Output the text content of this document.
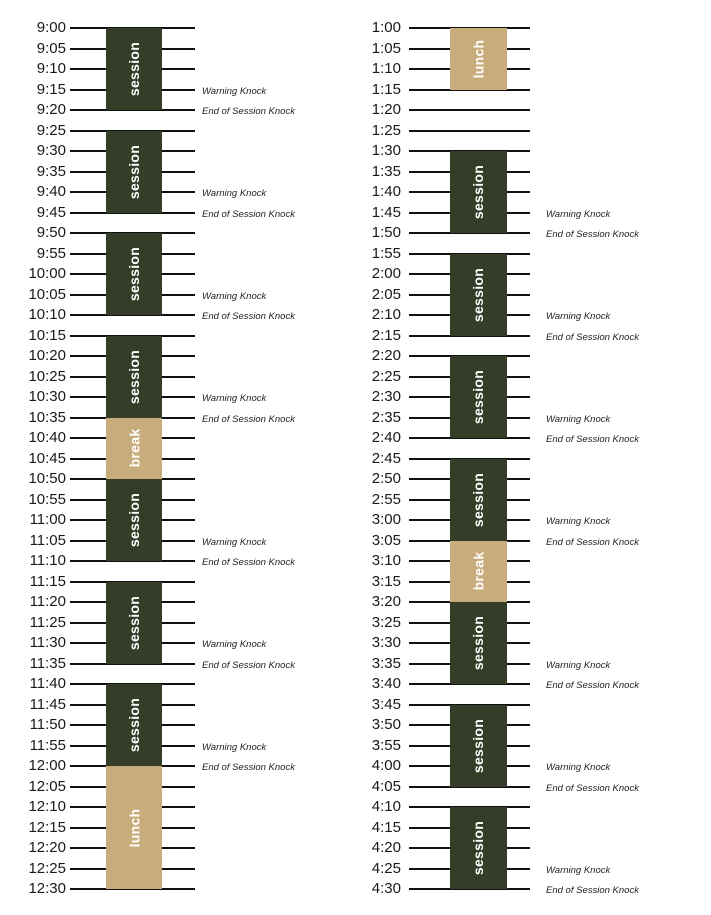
9:00
9:05
9:10
9:15
9:20
9:25
9:30
9:35
9:40
9:45
9:50
9:55
10:00
10:05
10:10
10:15
10:20
10:25
10:30
10:35
10:40
10:45
10:50
10:55
11:00
11:05
11:10
11:15
11:20
11:25
11:30
11:35
11:40
11:45
11:50
11:55
12:00
12:05
12:10
12:15
12:20
12:25
12:30
session
session
session
session
break
session
session
session
lunch
Warning Knock
End of Session Knock
Warning Knock
End of Session Knock
Warning Knock
End of Session Knock
Warning Knock
End of Session Knock
Warning Knock
End of Session Knock
Warning Knock
End of Session Knock
Warning Knock
End of Session Knock
1:00
1:05
1:10
1:15
1:20
1:25
1:30
1:35
1:40
1:45
1:50
1:55
2:00
2:05
2:10
2:15
2:20
2:25
2:30
2:35
2:40
2:45
2:50
2:55
3:00
3:05
3:10
3:15
3:20
3:25
3:30
3:35
3:40
3:45
3:50
3:55
4:00
4:05
4:10
4:15
4:20
4:25
4:30
lunch
session
session
session
session
break
session
session
session
Warning Knock
End of Session Knock
Warning Knock
End of Session Knock
Warning Knock
End of Session Knock
Warning Knock
End of Session Knock
Warning Knock
End of Session Knock
Warning Knock
End of Session Knock
Warning Knock
End of Session Knock
